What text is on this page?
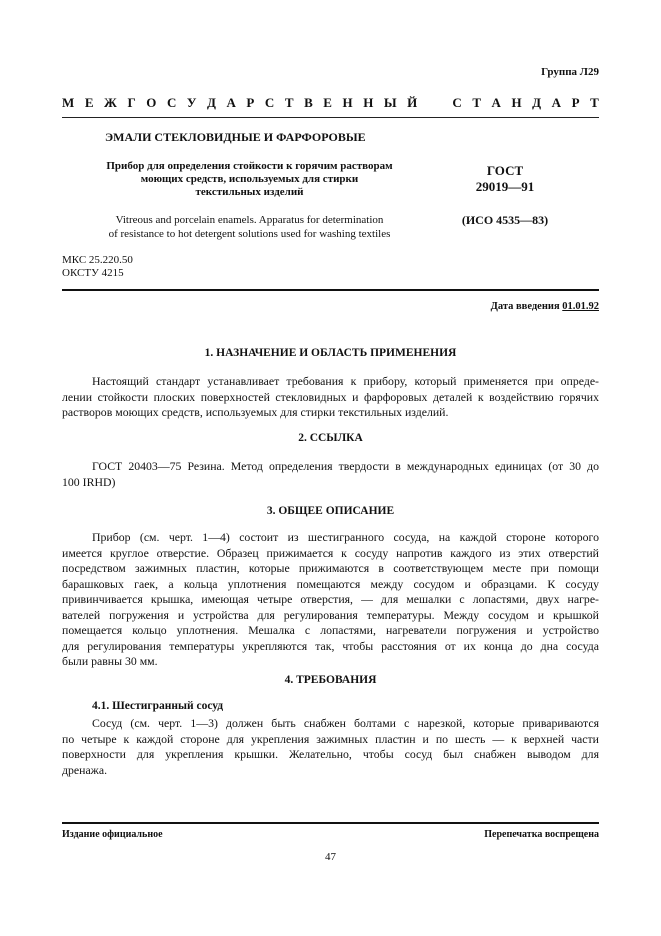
Группа Л29
М Е Ж Г О С У Д А Р С Т В Е Н Н Ы Й	С Т А Н Д А Р Т
ЭМАЛИ СТЕКЛОВИДНЫЕ И ФАРФОРОВЫЕ
Прибор для определения стойкости к горячим растворам
моющих средств, используемых для стирки
текстильных изделий
ГОСТ
29019—91
Vitreous and porcelain enamels. Apparatus for determination
of resistance to hot detergent solutions used for washing textiles
(ИСО 4535—83)
МКС 25.220.50
ОКСТУ 4215
Дата введения 01.01.92
1. НАЗНАЧЕНИЕ И ОБЛАСТЬ ПРИМЕНЕНИЯ
Настоящий стандарт устанавливает требования к прибору, который применяется при опреде-
лении стойкости плоских поверхностей стекловидных и фарфоровых деталей к воздействию горячих
растворов моющих средств, используемых для стирки текстильных изделий.
2. ССЫЛКА
ГОСТ 20403—75 Резина. Метод определения твердости в международных единицах (от 30 до
100 IRHD)
3. ОБЩЕЕ ОПИСАНИЕ
Прибор (см. черт. 1—4) состоит из шестигранного сосуда, на каждой стороне которого
имеется круглое отверстие. Образец прижимается к сосуду напротив каждого из этих отверстий
посредством зажимных пластин, которые прижимаются в соответствующем месте при помощи
барашковых гаек, а кольца уплотнения помещаются между сосудом и образцами. К сосуду
привинчивается крышка, имеющая четыре отверстия, — для мешалки с лопастями, двух нагре-
вателей погружения и устройства для регулирования температуры. Между сосудом и крышкой
помещается кольцо уплотнения. Мешалка с лопастями, нагреватели погружения и устройство
для регулирования температуры укрепляются так, чтобы расстояния от их конца до дна сосуда
были равны 30 мм.
4. ТРЕБОВАНИЯ
4.1. Шестигранный сосуд
Сосуд (см. черт. 1—3) должен быть снабжен болтами с нарезкой, которые привариваются
по четыре к каждой стороне для укрепления зажимных пластин и по шесть — к верхней части
поверхности для укрепления крышки. Желательно, чтобы сосуд был снабжен выводом для
дренажа.
Издание официальное	Перепечатка воспрещена
47
